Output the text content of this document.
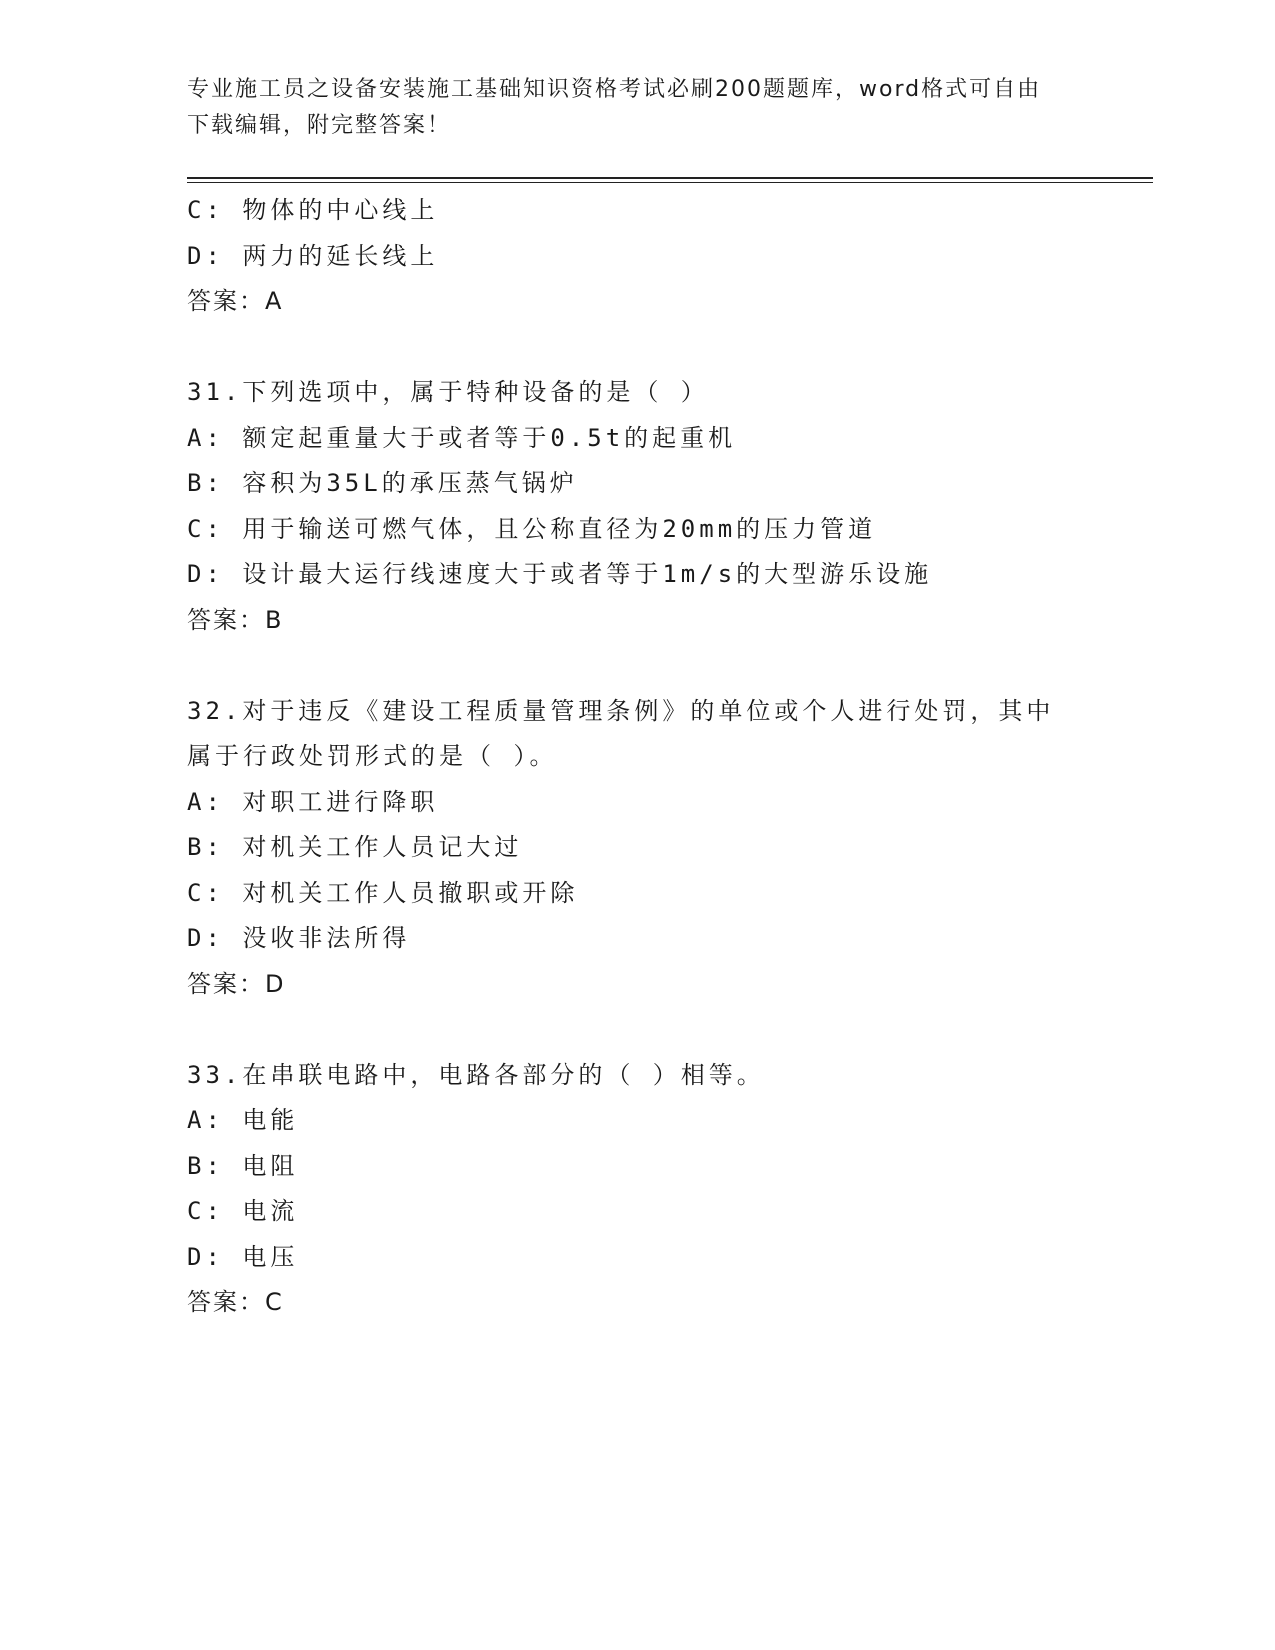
专业施工员之设备安装施工基础知识资格考试必刷200题题库，word格式可自由
下载编辑，附完整答案！
C: 物体的中心线上
D: 两力的延长线上
答案：A
31.下列选项中，属于特种设备的是（ ）
A: 额定起重量大于或者等于0.5t的起重机
B: 容积为35L的承压蒸气锅炉
C: 用于输送可燃气体，且公称直径为20mm的压力管道
D: 设计最大运行线速度大于或者等于1m/s的大型游乐设施
答案：B
32.对于违反《建设工程质量管理条例》的单位或个人进行处罚，其中
属于行政处罚形式的是（ ）。
A: 对职工进行降职
B: 对机关工作人员记大过
C: 对机关工作人员撤职或开除
D: 没收非法所得
答案：D
33.在串联电路中，电路各部分的（ ）相等。
A: 电能
B: 电阻
C: 电流
D: 电压
答案：C
